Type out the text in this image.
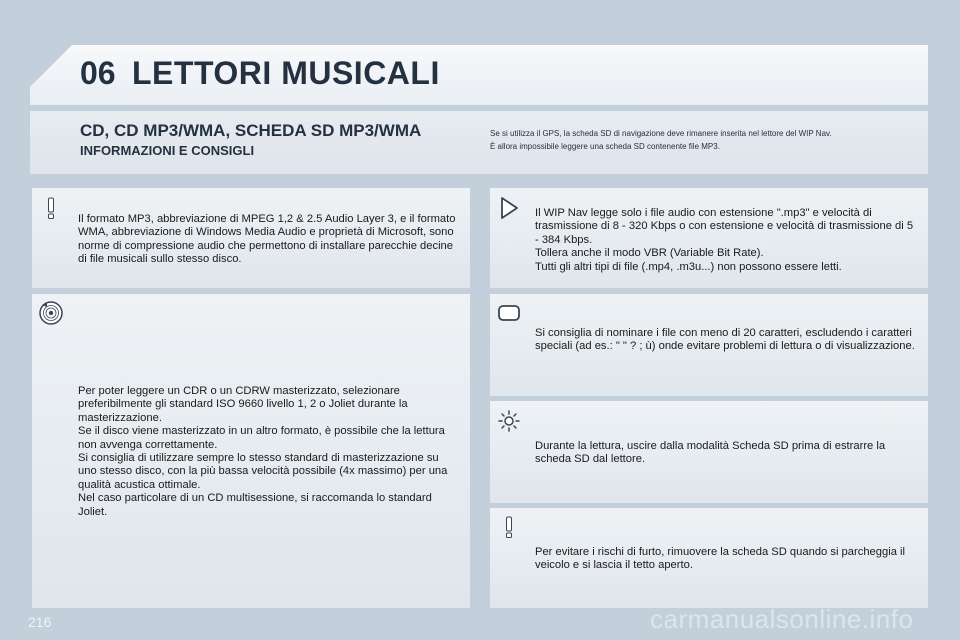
06 LETTORI MUSICALI
CD, CD MP3/WMA, SCHEDA SD MP3/WMA
INFORMAZIONI E CONSIGLI

Se si utilizza il GPS, la scheda SD di navigazione deve rimanere inserita nel lettore del WIP Nav.

È allora impossibile leggere una scheda SD contenente file MP3.

Il formato MP3, abbreviazione di MPEG 1,2 & 2.5 Audio Layer 3, e il formato WMA, abbreviazione di Windows Media Audio e proprietà di Microsoft, sono norme di compressione audio che permettono di installare parecchie decine di file musicali sullo stesso disco.

Per poter leggere un CDR o un CDRW masterizzato, selezionare preferibilmente gli standard ISO 9660 livello 1, 2 o Joliet durante la masterizzazione.

Se il disco viene masterizzato in un altro formato, è possibile che la lettura non avvenga correttamente.

Si consiglia di utilizzare sempre lo stesso standard di masterizzazione su uno stesso disco, con la più bassa velocità possibile (4x massimo) per una qualità acustica ottimale.

Nel caso particolare di un CD multisessione, si raccomanda lo standard Joliet.

Il WIP Nav legge solo i file audio con estensione ".mp3" e velocità di trasmissione di 8 - 320 Kbps o con estensione e velocità di trasmissione di 5 - 384 Kbps.

Tollera anche il modo VBR (Variable Bit Rate).

Tutti gli altri tipi di file (.mp4, .m3u...) non possono essere letti.

Si consiglia di nominare i file con meno di 20 caratteri, escludendo i caratteri speciali (ad es.: " " ? ; ù) onde evitare problemi di lettura o di visualizzazione.

Durante la lettura, uscire dalla modalità Scheda SD prima di estrarre la scheda SD dal lettore.

Per evitare i rischi di furto, rimuovere la scheda SD quando si parcheggia il veicolo e si lascia il tetto aperto.

216	carmanualsonline.info
